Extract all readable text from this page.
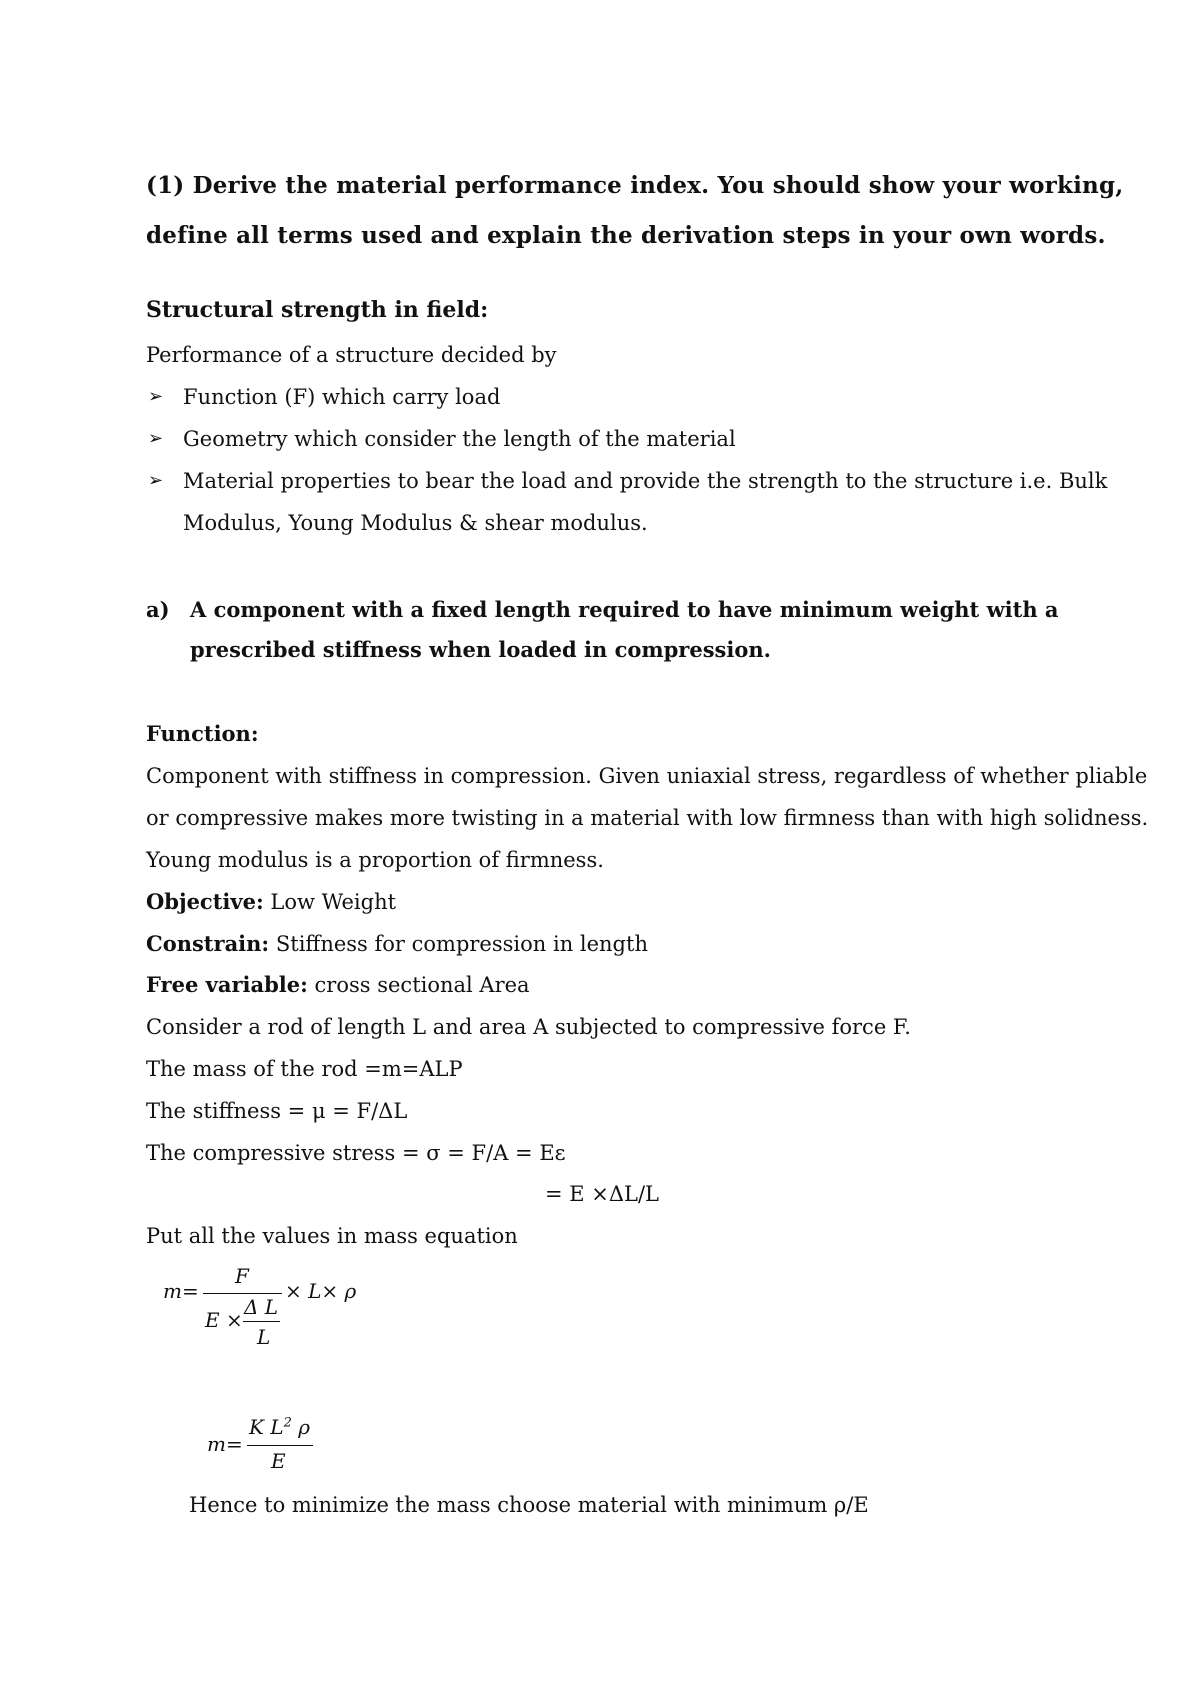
(1) Derive the material performance index. You should show your working,
define all terms used and explain the derivation steps in your own words.
Structural strength in field:
Performance of a structure decided by
➢ Function (F) which carry load
➢ Geometry which consider the length of the material
➢ Material properties to bear the load and provide the strength to the structure i.e. Bulk
Modulus, Young Modulus & shear modulus.
a) A component with a fixed length required to have minimum weight with a
prescribed stiffness when loaded in compression.
Function:
Component with stiffness in compression. Given uniaxial stress, regardless of whether pliable
or compressive makes more twisting in a material with low firmness than with high solidness.
Young modulus is a proportion of firmness.
Objective: Low Weight
Constrain: Stiffness for compression in length
Free variable: cross sectional Area
Consider a rod of length L and area A subjected to compressive force F.
The mass of the rod =m=ALP
The stiffness = μ = F/ΔL
The compressive stress = σ = F/A = Eε
= E ×ΔL/L
Put all the values in mass equation
m=
F
E ×
Δ L
L
× L× ρ
m=
K $L^2$ ρ
E
Hence to minimize the mass choose material with minimum ρ/E
